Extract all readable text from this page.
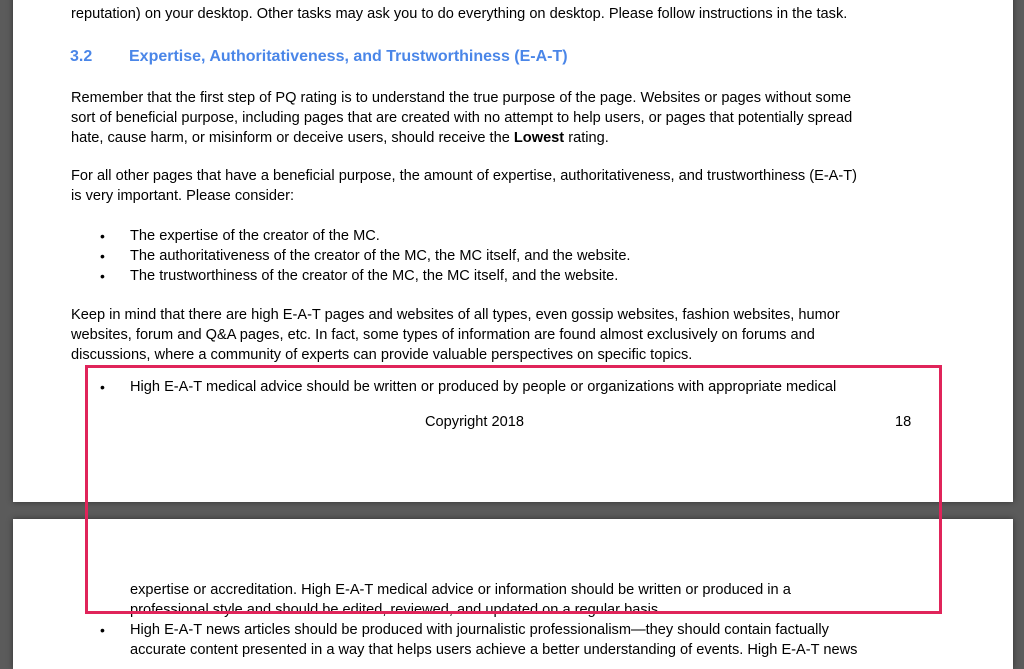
reputation) on your desktop. Other tasks may ask you to do everything on desktop. Please follow instructions in the task.

3.2 Expertise, Authoritativeness, and Trustworthiness (E-A-T)

Remember that the first step of PQ rating is to understand the true purpose of the page. Websites or pages without some

sort of beneficial purpose, including pages that are created with no attempt to help users, or pages that potentially spread

hate, cause harm, or misinform or deceive users, should receive the Lowest rating.

For all other pages that have a beneficial purpose, the amount of expertise, authoritativeness, and trustworthiness (E-A-T)

is very important. Please consider:

• The expertise of the creator of the MC.

• The authoritativeness of the creator of the MC, the MC itself, and the website.

• The trustworthiness of the creator of the MC, the MC itself, and the website.

Keep in mind that there are high E-A-T pages and websites of all types, even gossip websites, fashion websites, humor

websites, forum and Q&A pages, etc. In fact, some types of information are found almost exclusively on forums and

discussions, where a community of experts can provide valuable perspectives on specific topics.

• High E-A-T medical advice should be written or produced by people or organizations with appropriate medical

Copyright 2018	18

expertise or accreditation. High E-A-T medical advice or information should be written or produced in a

professional style and should be edited, reviewed, and updated on a regular basis.

• High E-A-T news articles should be produced with journalistic professionalism—they should contain factually

accurate content presented in a way that helps users achieve a better understanding of events. High E-A-T news
